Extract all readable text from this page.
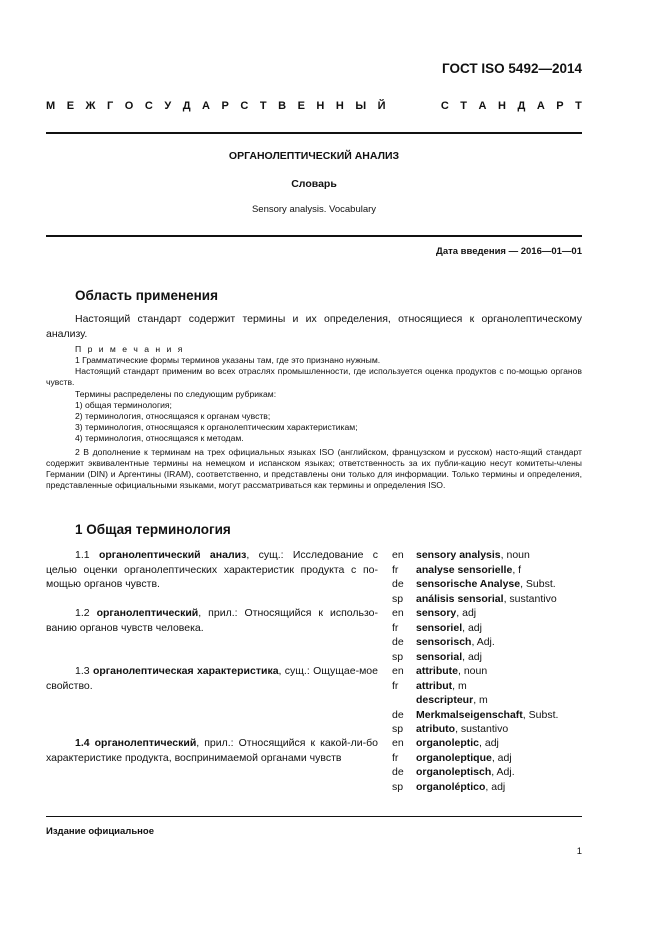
ГОСТ ISO 5492—2014
М Е Ж Г О С У Д А Р С Т В Е Н Н Ы Й

	С Т А Н Д А Р Т
ОРГАНОЛЕПТИЧЕСКИЙ АНАЛИЗ
Словарь
Sensory analysis. Vocabulary
Дата введения — 2016—01—01
Область применения
Настоящий стандарт содержит термины и их определения, относящиеся к органолептическому анализу.
П р и м е ч а н и я
1 Грамматические формы терминов указаны там, где это признано нужным.
Настоящий стандарт применим во всех отраслях промышленности, где используется оценка продуктов с по-мощью органов чувств.
Термины распределены по следующим рубрикам:
1) общая терминология;
2) терминология, относящаяся к органам чувств;
3) терминология, относящаяся к органолептическим характеристикам;
4) терминология, относящаяся к методам.
2 В дополнение к терминам на трех официальных языках ISO (английском, французском и русском) насто-ящий стандарт содержит эквивалентные термины на немецком и испанском языках; ответственность за их публи-кацию несут комитеты-члены Германии (DIN) и Аргентины (IRAM), соответственно, и представлены они только для информации. Только термины и определения, представленные официальными языками, могут рассматриваться как термины и определения ISO.
1 Общая терминология
1.1 органолептический анализ, сущ.: Исследование с целью оценки органолептических характеристик продукта с по-мощью органов чувств.
en	sensory analysis , noun
fr	analyse sensorielle , f
de	sensorische Analyse , Subst.
sp	análisis sensorial , sustantivo
1.2 органолептический, прил.: Относящийся к использо-ванию органов чувств человека.
en	sensory , adj
fr	sensoriel , adj
de	sensorisch , Adj.
sp	sensorial , adj
1.3 органолептическая характеристика, сущ.: Ощущае-мое свойство.
en	attribute , noun
fr	attribut , m
descripteur , m
de	Merkmalseigenschaft , Subst.
sp	atributo , sustantivo
1.4 органолептический, прил.: Относящийся к какой-ли-бо характеристике продукта, воспринимаемой органами чувств
en	organoleptic , adj
fr	organoleptique , adj
de	organoleptisch , Adj.
sp	organoléptico , adj
Издание официальное
1
